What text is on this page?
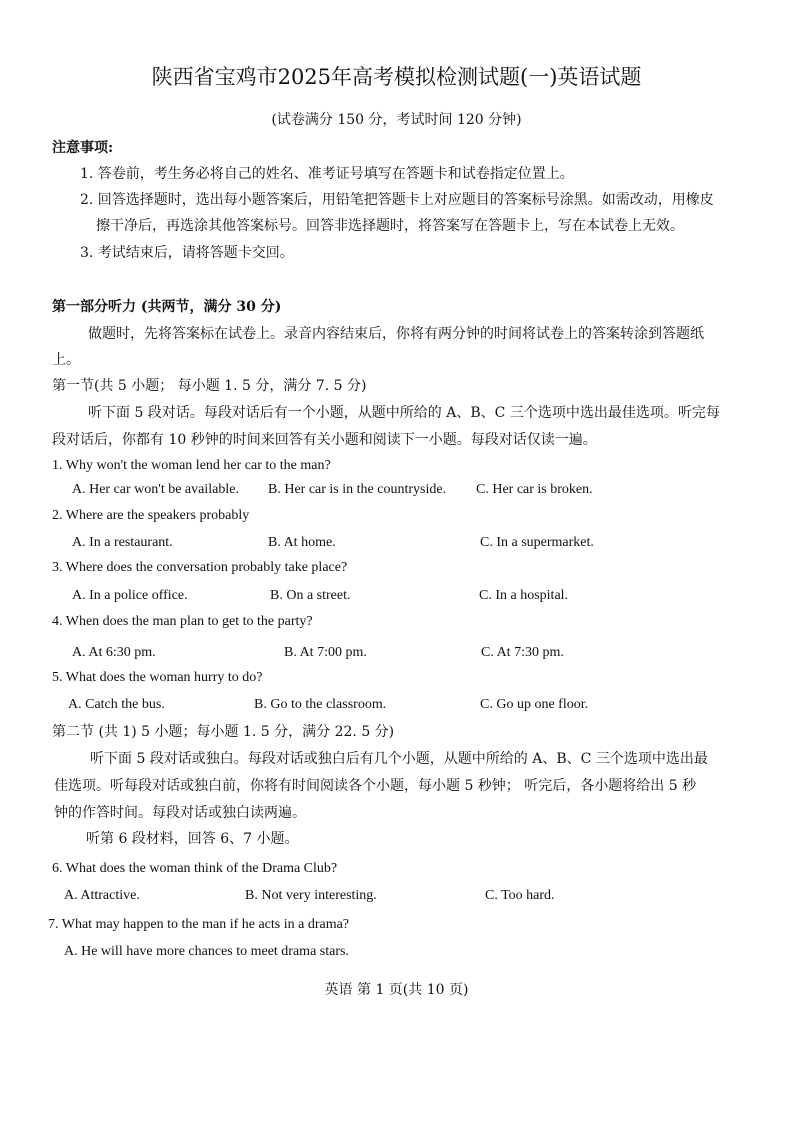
陕西省宝鸡市2025年高考模拟检测试题(一)英语试题
(试卷满分 150 分，考试时间 120 分钟)
注意事项:
1. 答卷前，考生务必将自己的姓名、准考证号填写在答题卡和试卷指定位置上。
2. 回答选择题时，选出每小题答案后，用铅笔把答题卡上对应题目的答案标号涂黑。如需改动，用橡皮
擦干净后，再选涂其他答案标号。回答非选择题时，将答案写在答题卡上，写在本试卷上无效。
3. 考试结束后，请将答题卡交回。
第一部分听力 (共两节，满分 30 分)
做题时，先将答案标在试卷上。录音内容结束后，你将有两分钟的时间将试卷上的答案转涂到答题纸
上。
第一节(共 5 小题； 每小题 1. 5 分，满分 7. 5 分)
听下面 5 段对话。每段对话后有一个小题，从题中所给的 A、B、C 三个选项中选出最佳选项。听完每
段对话后，你都有 10 秒钟的时间来回答有关小题和阅读下一小题。每段对话仅读一遍。
1. Why won't the woman lend her car to the man?
A. Her car won't be available. B. Her car is in the countryside. C. Her car is broken.
2. Where are the speakers probably
A. In a restaurant.	B. At home.	C. In a supermarket.
3. Where does the conversation probably take place?
A. In a police office.	B. On a street.	C. In a hospital.
4. When does the man plan to get to the party?
A. At 6:30 pm.	B. At 7:00 pm.	C. At 7:30 pm.
5. What does the woman hurry to do?
A. Catch the bus.	B. Go to the classroom.	C. Go up one floor.
第二节 (共 1) 5 小题；每小题 1. 5 分，满分 22. 5 分)
听下面 5 段对话或独白。每段对话或独白后有几个小题，从题中所给的 A、B、C 三个选项中选出最
佳选项。听每段对话或独白前，你将有时间阅读各个小题，每小题 5 秒钟； 听完后，各小题将给出 5 秒
钟的作答时间。每段对话或独白读两遍。
听第 6 段材料，回答 6、7 小题。
6. What does the woman think of the Drama Club?
A. Attractive.	B. Not very interesting.	C. Too hard.
7. What may happen to the man if he acts in a drama?
A. He will have more chances to meet drama stars.
英语 第 1 页(共 10 页)
